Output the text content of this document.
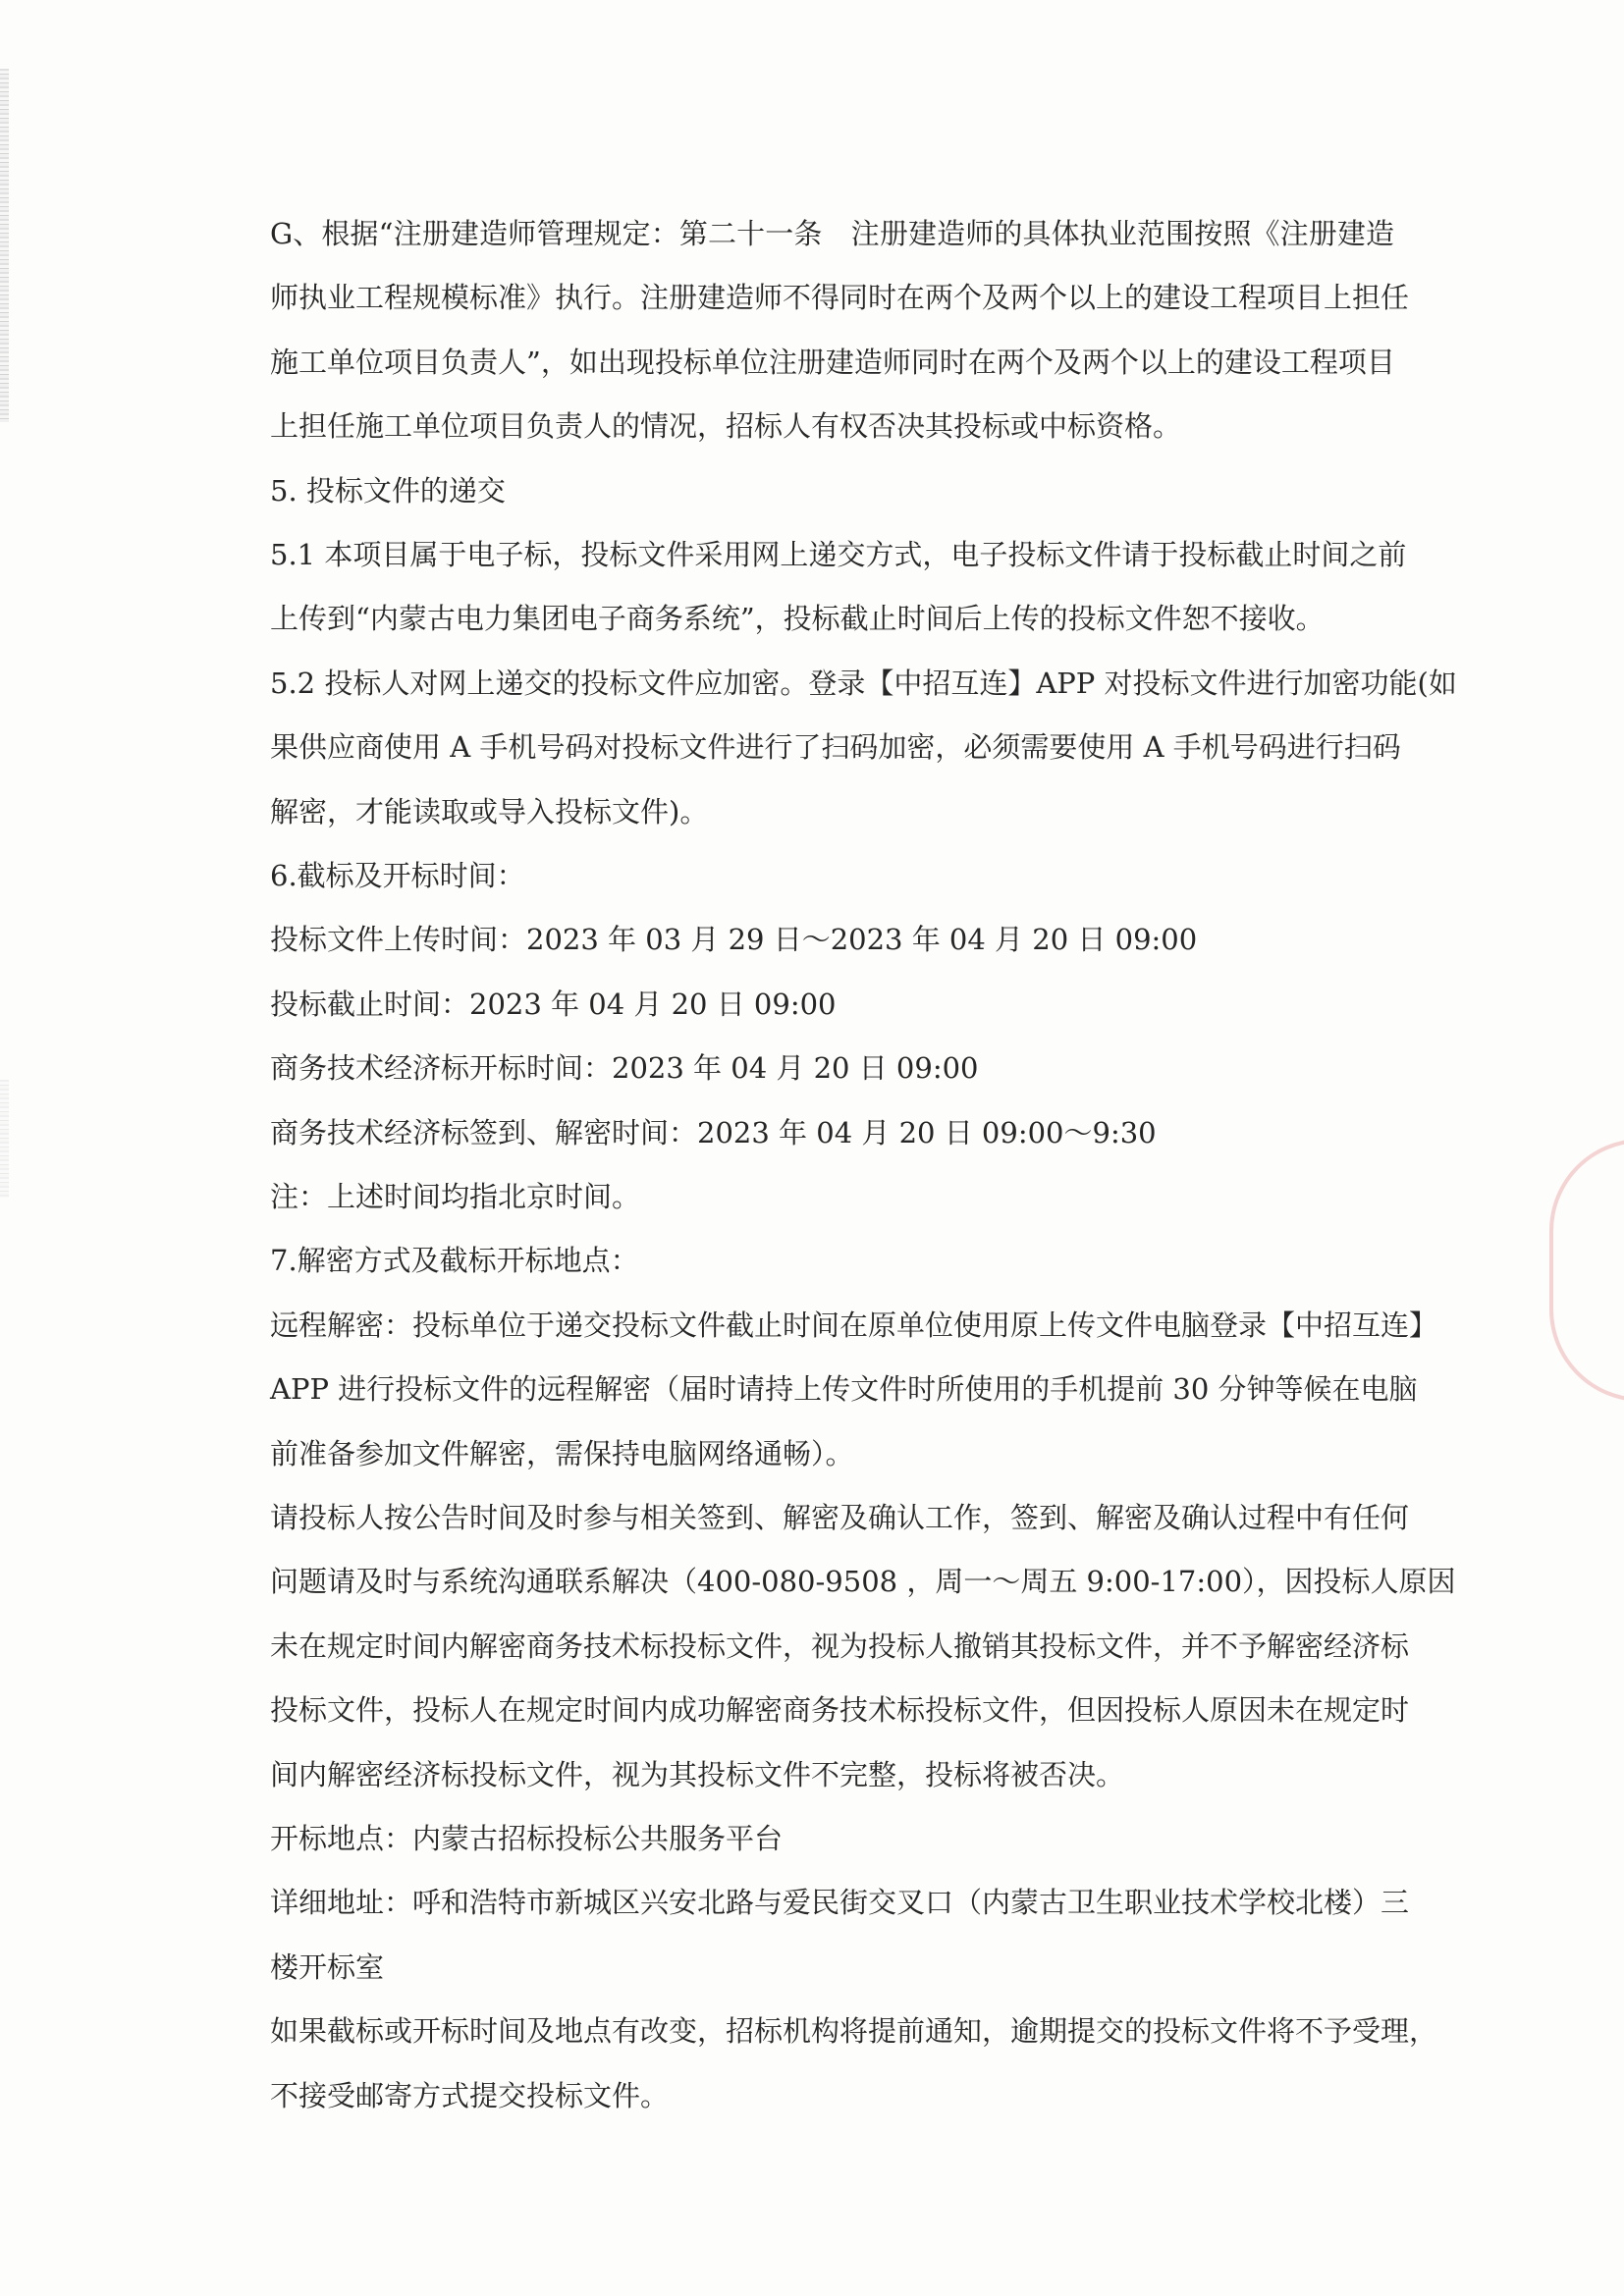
G、根据“注册建造师管理规定：第二十一条　注册建造师的具体执业范围按照《注册建造
师执业工程规模标准》执行。注册建造师不得同时在两个及两个以上的建设工程项目上担任
施工单位项目负责人”，如出现投标单位注册建造师同时在两个及两个以上的建设工程项目
上担任施工单位项目负责人的情况，招标人有权否决其投标或中标资格。
5. 投标文件的递交
5.1 本项目属于电子标，投标文件采用网上递交方式，电子投标文件请于投标截止时间之前
上传到“内蒙古电力集团电子商务系统”，投标截止时间后上传的投标文件恕不接收。
5.2 投标人对网上递交的投标文件应加密。登录【中招互连】APP 对投标文件进行加密功能(如
果供应商使用 A 手机号码对投标文件进行了扫码加密，必须需要使用 A 手机号码进行扫码
解密，才能读取或导入投标文件)。
6.截标及开标时间：
投标文件上传时间：2023 年 03 月 29 日～2023 年 04 月 20 日 09:00
投标截止时间：2023 年 04 月 20 日 09:00
商务技术经济标开标时间：2023 年 04 月 20 日 09:00
商务技术经济标签到、解密时间：2023 年 04 月 20 日 09:00～9:30
注：上述时间均指北京时间。
7.解密方式及截标开标地点：
远程解密：投标单位于递交投标文件截止时间在原单位使用原上传文件电脑登录【中招互连】
APP 进行投标文件的远程解密（届时请持上传文件时所使用的手机提前 30 分钟等候在电脑
前准备参加文件解密，需保持电脑网络通畅）。
请投标人按公告时间及时参与相关签到、解密及确认工作，签到、解密及确认过程中有任何
问题请及时与系统沟通联系解决（400-080-9508 ，周一～周五 9:00-17:00），因投标人原因
未在规定时间内解密商务技术标投标文件，视为投标人撤销其投标文件，并不予解密经济标
投标文件，投标人在规定时间内成功解密商务技术标投标文件，但因投标人原因未在规定时
间内解密经济标投标文件，视为其投标文件不完整，投标将被否决。
开标地点：内蒙古招标投标公共服务平台
详细地址：呼和浩特市新城区兴安北路与爱民街交叉口（内蒙古卫生职业技术学校北楼）三
楼开标室
如果截标或开标时间及地点有改变，招标机构将提前通知，逾期提交的投标文件将不予受理，
不接受邮寄方式提交投标文件。
